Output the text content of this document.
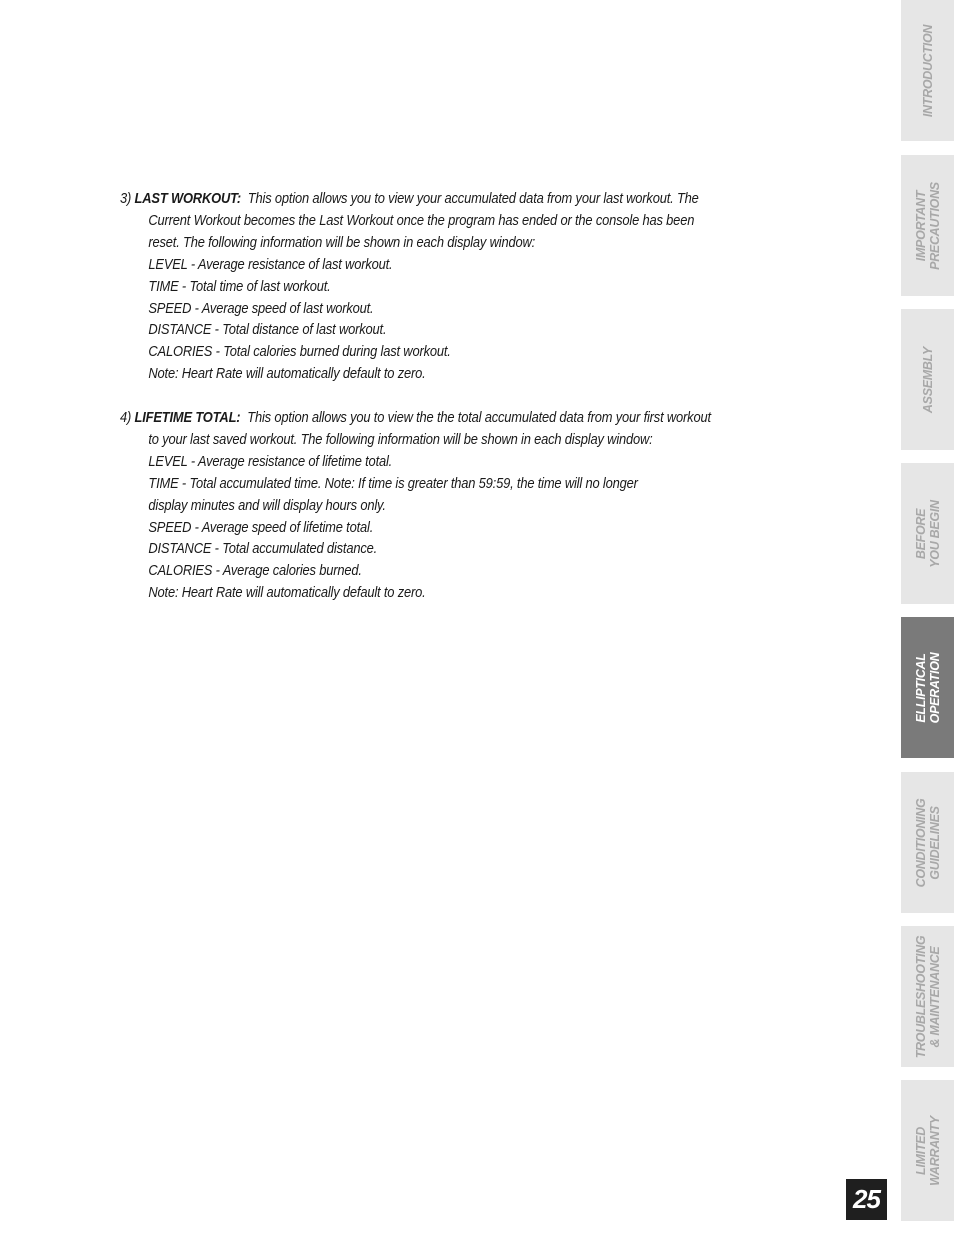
3) LAST WORKOUT: This option allows you to view your accumulated data from your last workout. The
Current Workout becomes the Last Workout once the program has ended or the console has been
reset. The following information will be shown in each display window:
LEVEL - Average resistance of last workout.
TIME - Total time of last workout.
SPEED - Average speed of last workout.
DISTANCE - Total distance of last workout.
CALORIES - Total calories burned during last workout.
Note: Heart Rate will automatically default to zero.
4) LIFETIME TOTAL: This option allows you to view the the total accumulated data from your first workout
to your last saved workout. The following information will be shown in each display window:
LEVEL - Average resistance of lifetime total.
TIME - Total accumulated time. Note: If time is greater than 59:59, the time will no longer
display minutes and will display hours only.
SPEED - Average speed of lifetime total.
DISTANCE - Total accumulated distance.
CALORIES - Average calories burned.
Note: Heart Rate will automatically default to zero.
INTRODUCTION
IMPORTANT PRECAUTIONS
ASSEMBLY
BEFORE YOU BEGIN
ELLIPTICAL OPERATION
CONDITIONING GUIDELINES
TROUBLESHOOTING & MAINTENANCE
LIMITED WARRANTY
25
